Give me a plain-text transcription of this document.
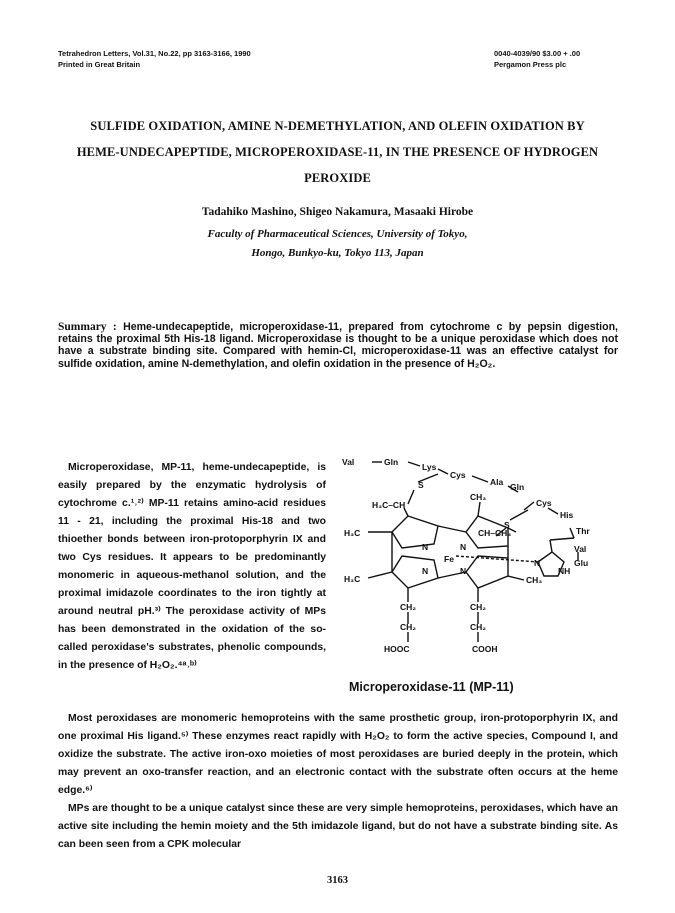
Tetrahedron Letters, Vol.31, No.22, pp 3163-3166, 1990
Printed in Great Britain
0040-4039/90 $3.00 + .00
Pergamon Press plc
SULFIDE OXIDATION, AMINE N-DEMETHYLATION, AND OLEFIN OXIDATION BY
HEME-UNDECAPEPTIDE, MICROPEROXIDASE-11, IN THE PRESENCE OF HYDROGEN
PEROXIDE
Tadahiko Mashino, Shigeo Nakamura, Masaaki Hirobe
Faculty of Pharmaceutical Sciences, University of Tokyo,
Hongo, Bunkyo-ku, Tokyo 113, Japan
Summary : Heme-undecapeptide, microperoxidase-11, prepared from cytochrome c by pepsin digestion, retains the proximal 5th His-18 ligand. Microperoxidase is thought to be a unique peroxidase which does not have a substrate binding site. Compared with hemin-Cl, microperoxidase-11 was an effective catalyst for sulfide oxidation, amine N-demethylation, and olefin oxidation in the presence of H₂O₂.

Microperoxidase, MP-11, heme-undecapeptide, is easily prepared by the enzymatic hydrolysis of cytochrome c.¹˒²⁾ MP-11 retains amino-acid residues 11 - 21, including the proximal His-18 and two thioether bonds between iron-protoporphyrin IX and two Cys residues. It appears to be predominantly monomeric in aqueous-methanol solution, and the proximal imidazole coordinates to the iron tightly at around neutral pH.³⁾ The peroxidase activity of MPs has been demonstrated in the oxidation of the so-called peroxidase's substrates, phenolic compounds, in the presence of H₂O₂.⁴ᵃ˒ᵇ⁾

Val	Gln	Lys
Cys
Ala Gln
Cys
His
Thr
Val
Glu
S
S
H₃C–CH
CH₃
CH–CH₃
H₃C
H₃C	CH₃
N	N
N	N
Fe	N
NH
CH₂
CH₂
CH₂
CH₂
HOOC	COOH
Microperoxidase-11 (MP-11)

Most peroxidases are monomeric hemoproteins with the same prosthetic group, iron-protoporphyrin IX, and one proximal His ligand.⁵⁾ These enzymes react rapidly with H₂O₂ to form the active species, Compound I, and oxidize the substrate. The active iron-oxo moieties of most peroxidases are buried deeply in the protein, which may prevent an oxo-transfer reaction, and an electronic contact with the substrate often occurs at the heme edge.⁶⁾

MPs are thought to be a unique catalyst since these are very simple hemoproteins, peroxidases, which have an active site including the hemin moiety and the 5th imidazole ligand, but do not have a substrate binding site. As can been seen from a CPK molecular

3163
